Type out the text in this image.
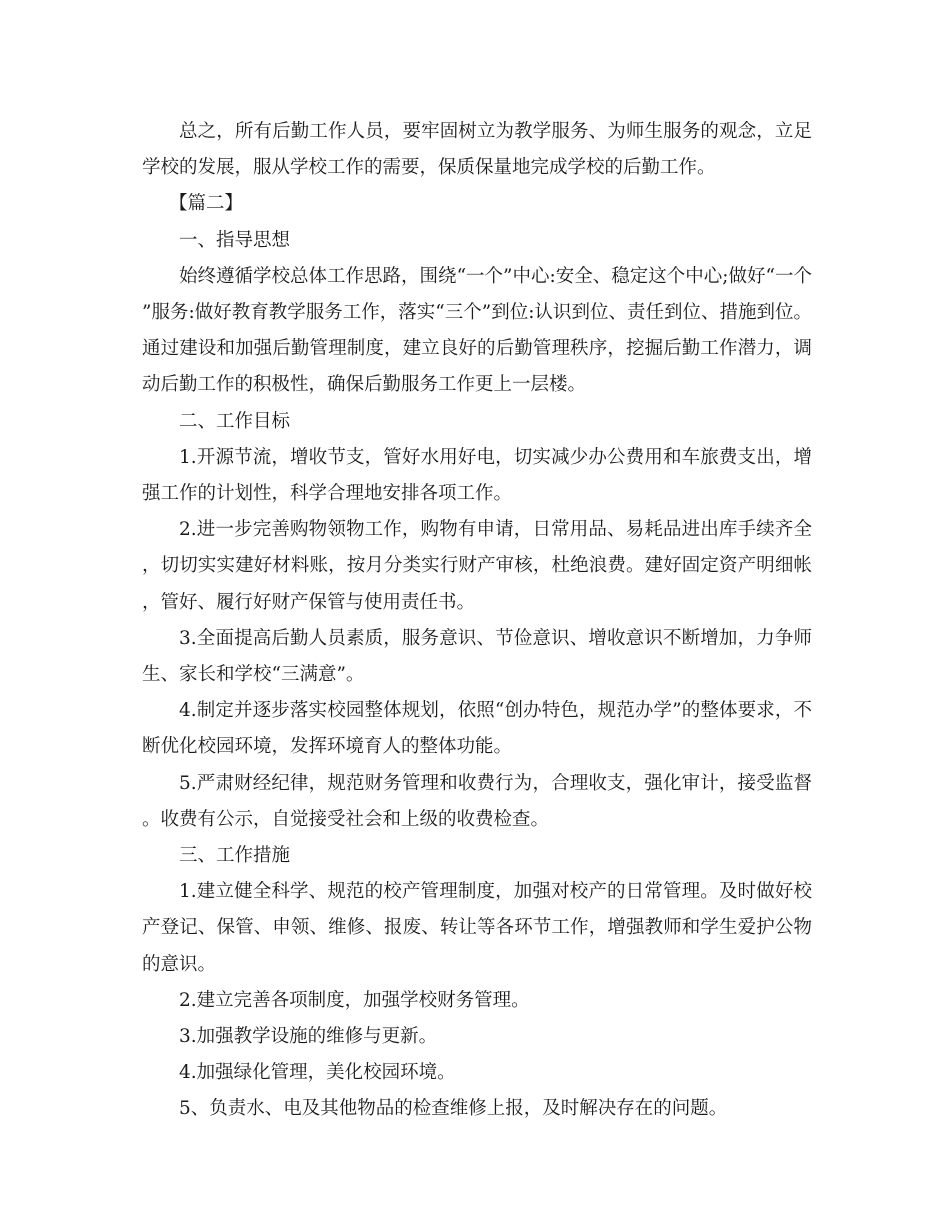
总之，所有后勤工作人员，要牢固树立为教学服务、为师生服务的观念，立足学校的发展，服从学校工作的需要，保质保量地完成学校的后勤工作。

【篇二】

一、指导思想

始终遵循学校总体工作思路，围绕“一个”中心:安全、稳定这个中心;做好“一个”服务:做好教育教学服务工作，落实“三个”到位:认识到位、责任到位、措施到位。通过建设和加强后勤管理制度，建立良好的后勤管理秩序，挖掘后勤工作潜力，调动后勤工作的积极性，确保后勤服务工作更上一层楼。

二、工作目标

1.开源节流，增收节支，管好水用好电，切实减少办公费用和车旅费支出，增强工作的计划性，科学合理地安排各项工作。

2.进一步完善购物领物工作，购物有申请，日常用品、易耗品进出库手续齐全，切切实实建好材料账，按月分类实行财产审核，杜绝浪费。建好固定资产明细帐，管好、履行好财产保管与使用责任书。

3.全面提高后勤人员素质，服务意识、节俭意识、增收意识不断增加，力争师生、家长和学校“三满意”。

4.制定并逐步落实校园整体规划，依照“创办特色，规范办学”的整体要求，不断优化校园环境，发挥环境育人的整体功能。

5.严肃财经纪律，规范财务管理和收费行为，合理收支，强化审计，接受监督。收费有公示，自觉接受社会和上级的收费检查。

三、工作措施

1.建立健全科学、规范的校产管理制度，加强对校产的日常管理。及时做好校产登记、保管、申领、维修、报废、转让等各环节工作，增强教师和学生爱护公物的意识。

2.建立完善各项制度，加强学校财务管理。

3.加强教学设施的维修与更新。

4.加强绿化管理，美化校园环境。

5、负责水、电及其他物品的检查维修上报，及时解决存在的问题。
